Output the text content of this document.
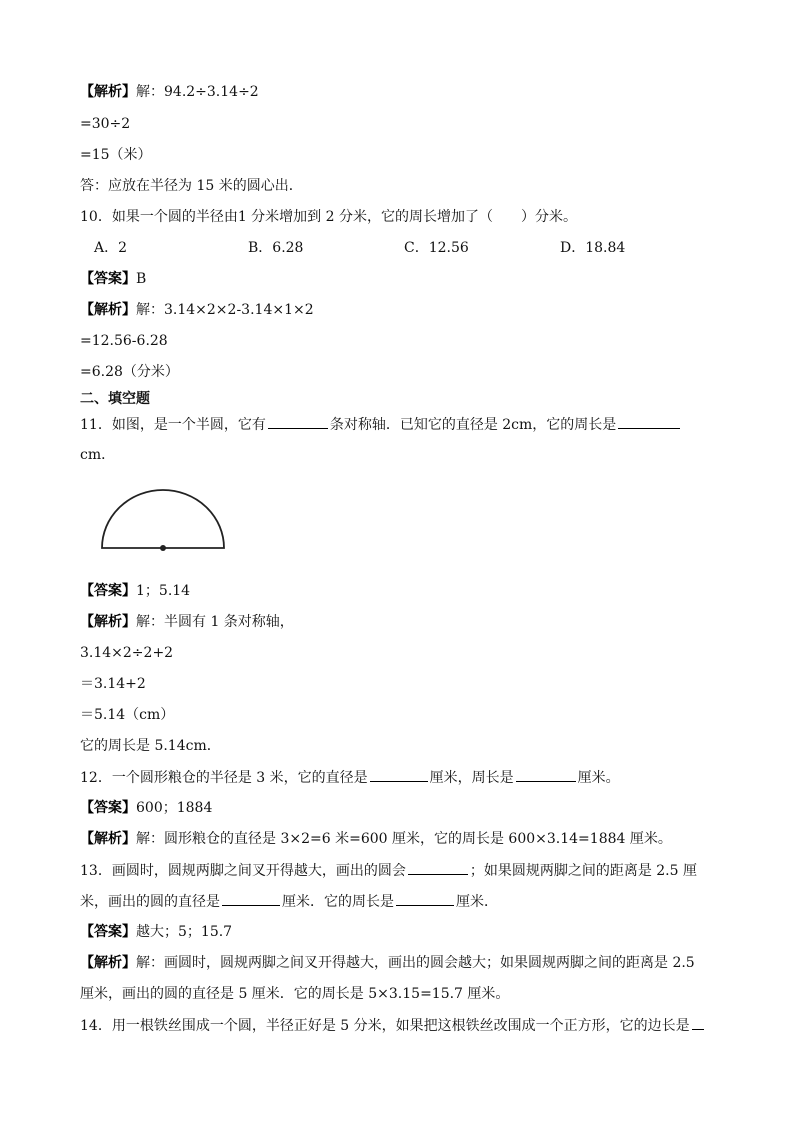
【解析】解：94.2÷3.14÷2
=30÷2
=15（米）
答：应放在半径为 15 米的圆心出．
10．如果一个圆的半径由1 分米增加到 2 分米，它的周长增加了（　　）分米。
A．2	B．6.28	C．12.56	D．18.84
【答案】B
【解析】解：3.14×2×2-3.14×1×2
=12.56-6.28
=6.28（分米）
二、填空题
11．如图，是一个半圆，它有	条对称轴．已知它的直径是 2cm，它的周长是
cm．
【答案】1；5.14
【解析】解：半圆有 1 条对称轴，
3.14×2÷2+2
＝3.14+2
＝5.14（cm）
它的周长是 5.14cm．
12．一个圆形粮仓的半径是 3 米，它的直径是	厘米，周长是	厘米。
【答案】600；1884
【解析】解：圆形粮仓的直径是 3×2=6 米=600 厘米，它的周长是 600×3.14=1884 厘米。
13．画圆时，圆规两脚之间叉开得越大，画出的圆会	；如果圆规两脚之间的距离是 2.5 厘
米，画出的圆的直径是	厘米．它的周长是	厘米．
【答案】越大；5；15.7
【解析】解：画圆时，圆规两脚之间叉开得越大，画出的圆会越大；如果圆规两脚之间的距离是 2.5
厘米，画出的圆的直径是 5 厘米．它的周长是 5×3.15=15.7 厘米。
14．用一根铁丝围成一个圆，半径正好是 5 分米，如果把这根铁丝改围成一个正方形，它的边长是
